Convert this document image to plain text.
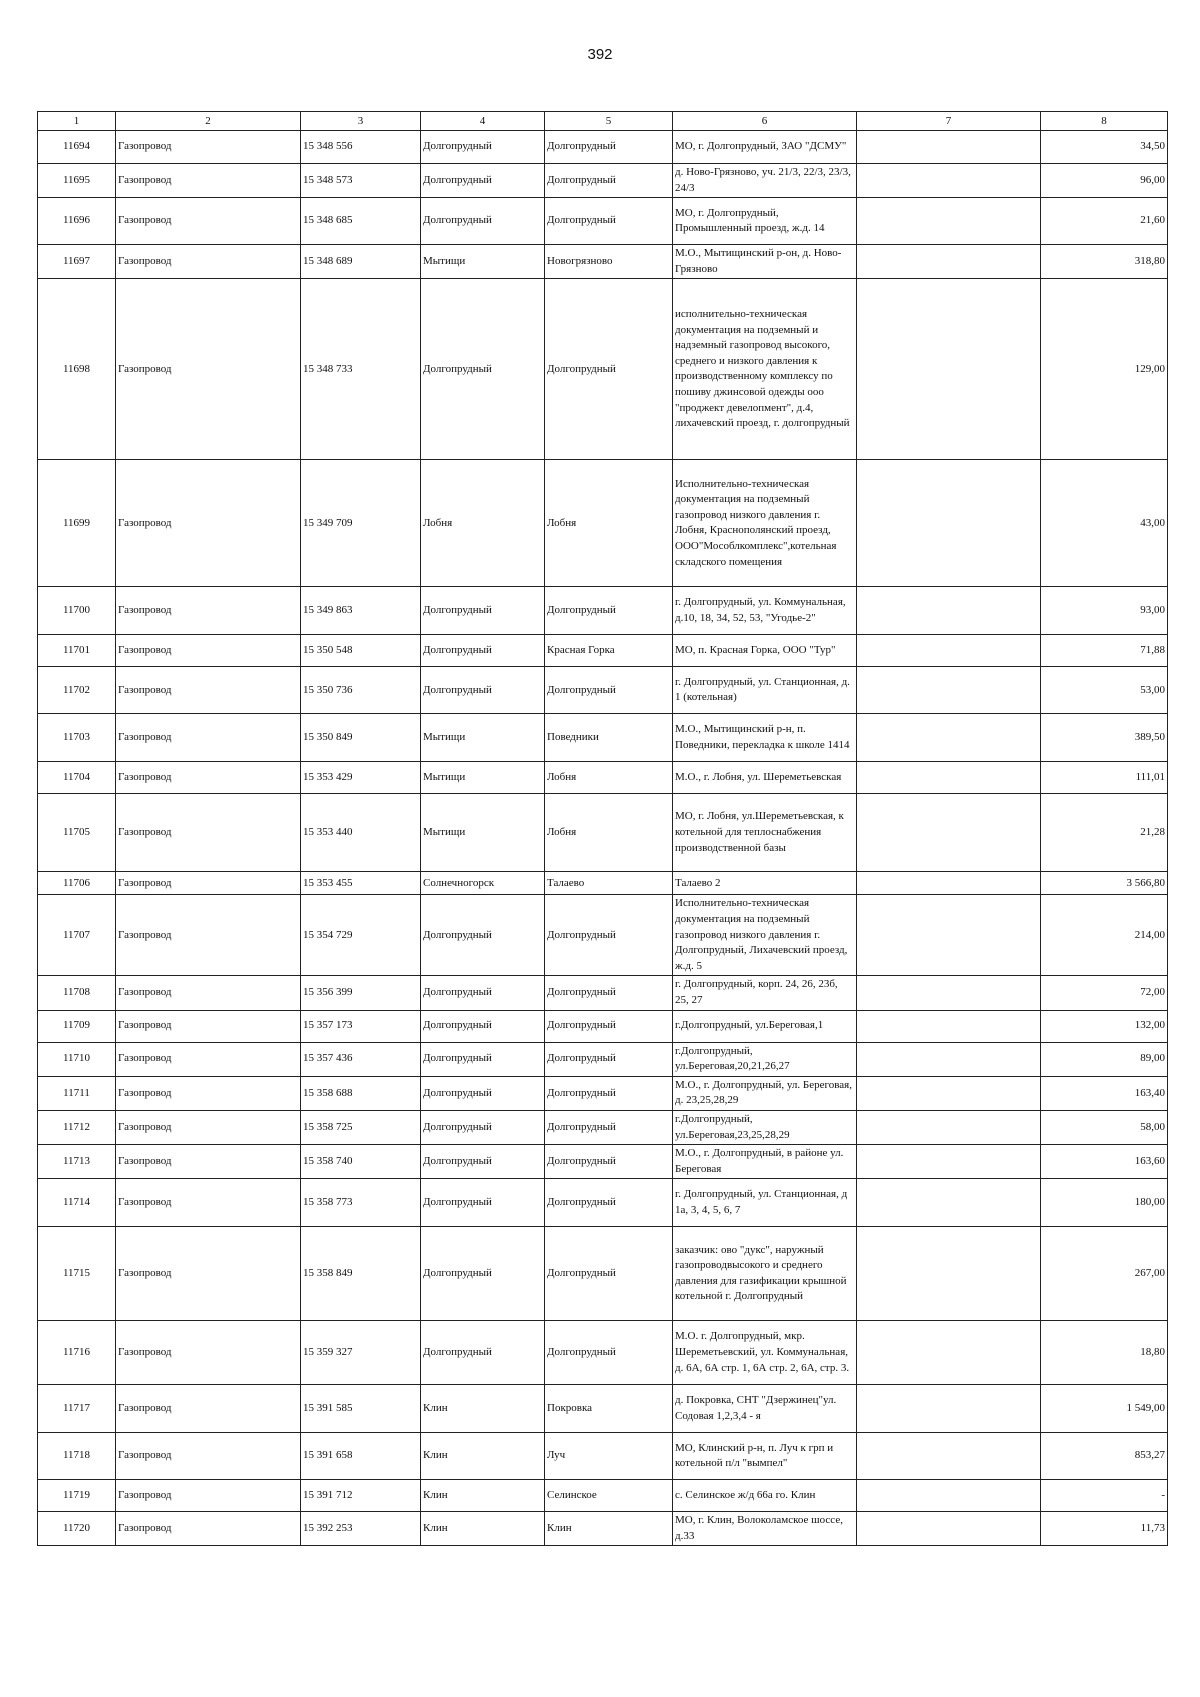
392
1	2	3	4	5	6	7	8
11694	Газопровод	15 348 556	Долгопрудный	Долгопрудный	МО, г. Долгопрудный, ЗАО "ДСМУ"		34,50
11695	Газопровод	15 348 573	Долгопрудный	Долгопрудный	д. Ново-Грязново, уч. 21/3, 22/3, 23/3, 24/3		96,00
11696	Газопровод	15 348 685	Долгопрудный	Долгопрудный	МО, г. Долгопрудный, Промышленный проезд, ж.д. 14		21,60
11697	Газопровод	15 348 689	Мытищи	Новогрязново	М.О., Мытищинский р-он, д. Ново-Грязново		318,80
11698	Газопровод	15 348 733	Долгопрудный	Долгопрудный	исполнительно-техническая документация на подземный и надземный газопровод высокого, среднего и низкого давления к производственному комплексу по пошиву джинсовой одежды ооо "проджект девелопмент", д.4, лихачевский проезд, г. долгопрудный		129,00
11699	Газопровод	15 349 709	Лобня	Лобня	Исполнительно-техническая документация на подземный газопровод низкого давления г. Лобня, Краснополянский проезд, ООО"Мособлкомплекс",котельная складского помещения		43,00
11700	Газопровод	15 349 863	Долгопрудный	Долгопрудный	г. Долгопрудный, ул. Коммунальная, д.10, 18, 34, 52, 53, "Угодье-2"		93,00
11701	Газопровод	15 350 548	Долгопрудный	Красная Горка	МО, п. Красная Горка, ООО "Тур"		71,88
11702	Газопровод	15 350 736	Долгопрудный	Долгопрудный	г. Долгопрудный, ул. Станционная, д. 1 (котельная)		53,00
11703	Газопровод	15 350 849	Мытищи	Поведники	М.О., Мытищинский р-н, п. Поведники, перекладка к школе 1414		389,50
11704	Газопровод	15 353 429	Мытищи	Лобня	М.О., г. Лобня, ул. Шереметьевская		111,01
11705	Газопровод	15 353 440	Мытищи	Лобня	МО, г. Лобня, ул.Шереметьевская, к котельной для теплоснабжения производственной базы		21,28
11706	Газопровод	15 353 455	Солнечногорск	Талаево	Талаево 2		3 566,80
11707	Газопровод	15 354 729	Долгопрудный	Долгопрудный	Исполнительно-техническая документация на подземный газопровод низкого давления г. Долгопрудный, Лихачевский проезд, ж.д. 5		214,00
11708	Газопровод	15 356 399	Долгопрудный	Долгопрудный	г. Долгопрудный, корп. 24, 26, 23б, 25, 27		72,00
11709	Газопровод	15 357 173	Долгопрудный	Долгопрудный	г.Долгопрудный, ул.Береговая,1		132,00
11710	Газопровод	15 357 436	Долгопрудный	Долгопрудный	г.Долгопрудный, ул.Береговая,20,21,26,27		89,00
11711	Газопровод	15 358 688	Долгопрудный	Долгопрудный	М.О., г. Долгопрудный, ул. Береговая, д. 23,25,28,29		163,40
11712	Газопровод	15 358 725	Долгопрудный	Долгопрудный	г.Долгопрудный, ул.Береговая,23,25,28,29		58,00
11713	Газопровод	15 358 740	Долгопрудный	Долгопрудный	М.О., г. Долгопрудный, в районе ул. Береговая		163,60
11714	Газопровод	15 358 773	Долгопрудный	Долгопрудный	г. Долгопрудный, ул. Станционная, д 1а, 3, 4, 5, 6, 7		180,00
11715	Газопровод	15 358 849	Долгопрудный	Долгопрудный	заказчик: ово "дукс", наружный газопроводвысокого и среднего давления для газификации крышной котельной г. Долгопрудный		267,00
11716	Газопровод	15 359 327	Долгопрудный	Долгопрудный	М.О. г. Долгопрудный, мкр. Шереметьевский, ул. Коммунальная, д. 6А, 6А стр. 1, 6А стр. 2, 6А, стр. 3.		18,80
11717	Газопровод	15 391 585	Клин	Покровка	д. Покровка, СНТ "Дзержинец"ул. Содовая 1,2,3,4 - я		1 549,00
11718	Газопровод	15 391 658	Клин	Луч	МО, Клинский р-н, п. Луч к грп и котельной п/л "вымпел"		853,27
11719	Газопровод	15 391 712	Клин	Селинское	с. Селинское ж/д 66а го. Клин		-
11720	Газопровод	15 392 253	Клин	Клин	МО, г. Клин, Волоколамское шоссе, д.33		11,73
